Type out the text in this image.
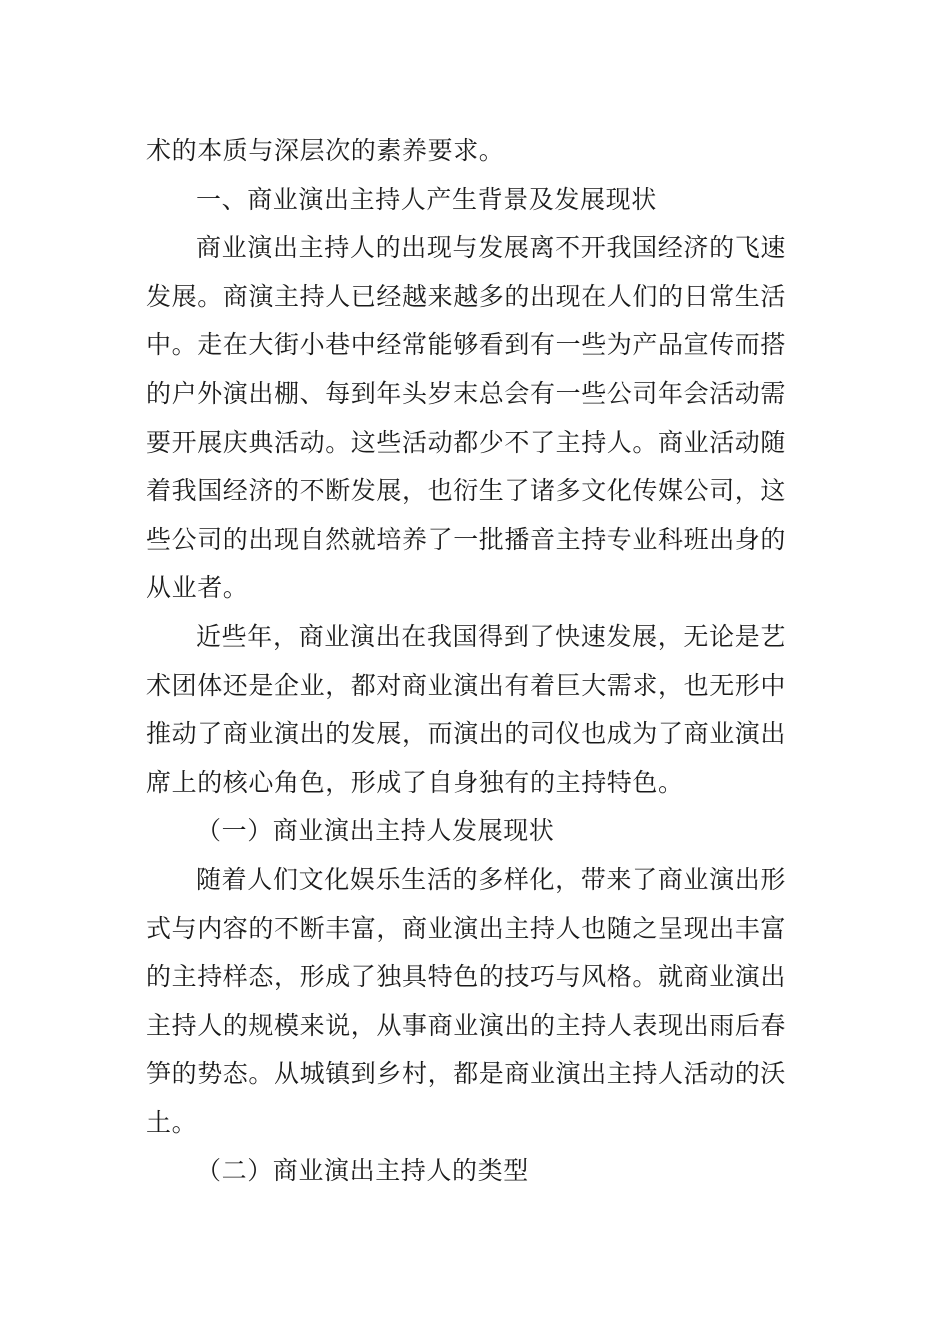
术的本质与深层次的素养要求。

一、商业演出主持人产生背景及发展现状

商业演出主持人的出现与发展离不开我国经济的飞速发展。商演主持人已经越来越多的出现在人们的日常生活中。走在大街小巷中经常能够看到有一些为产品宣传而搭的户外演出棚、每到年头岁末总会有一些公司年会活动需要开展庆典活动。这些活动都少不了主持人。商业活动随着我国经济的不断发展，也衍生了诸多文化传媒公司，这些公司的出现自然就培养了一批播音主持专业科班出身的从业者。

近些年，商业演出在我国得到了快速发展，无论是艺术团体还是企业，都对商业演出有着巨大需求，也无形中推动了商业演出的发展，而演出的司仪也成为了商业演出席上的核心角色，形成了自身独有的主持特色。

（一）商业演出主持人发展现状

随着人们文化娱乐生活的多样化，带来了商业演出形式与内容的不断丰富，商业演出主持人也随之呈现出丰富的主持样态，形成了独具特色的技巧与风格。就商业演出主持人的规模来说，从事商业演出的主持人表现出雨后春笋的势态。从城镇到乡村，都是商业演出主持人活动的沃土。

（二）商业演出主持人的类型
